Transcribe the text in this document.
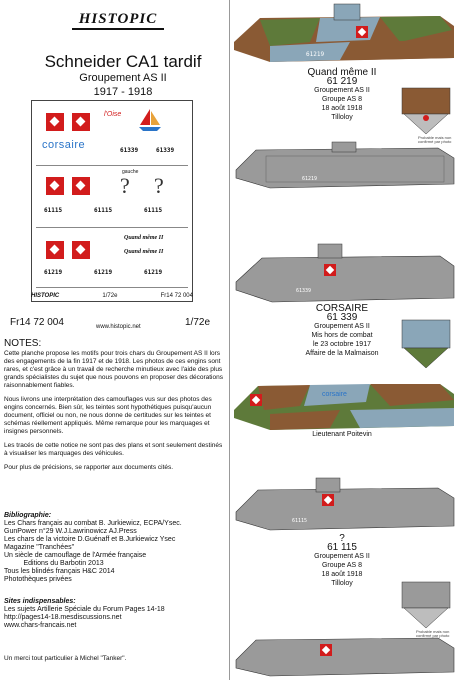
HISTOPIC
Schneider CA1 tardif
Groupement AS II
1917 - 1918
l'Oise
corsaire	61339	61339
gauche
? ?
61115	61115	61115
Quand même II
Quand même II
61219	61219	61219
HISTOPIC	1/72e	Fr14 72 004
Fr14 72 004	1/72e
www.histopic.net
NOTES:

Cette planche propose les motifs pour trois chars du Groupement AS II lors des engagements de la fin 1917 et de 1918. Les photos de ces engins sont rares, et c'est grâce à un travail de recherche minutieux avec l'aide des plus grands spécialistes du sujet que nous pouvons en proposer des décorations raisonnablement fiables.

Nous livrons une interprétation des camouflages vus sur des photos des engins concernés. Bien sûr, les teintes sont hypothétiques puisqu'aucun document, officiel ou non, ne nous donne de certitudes sur les teintes et schémas réellement appliqués. Même remarque pour les marquages et insignes personnels.

Les tracés de cette notice ne sont pas des plans et sont seulement destinés à visualiser les marquages des véhicules.

Pour plus de précisions, se rapporter aux documents cités.

Bibliographie:
Les Chars français au combat B. Jurkiewicz, ECPA/Ysec.
GunPower n°29 W.J.Lawrinowicz AJ.Press
Les chars de la victoire D.Guénaff et B.Jurkiewicz Ysec
Magazine "Tranchées"
Un siècle de camouflage de l'Armée française
Editions du Barbotin 2013
Tous les blindés français H&C 2014
Photothèques privées
Sites indispensables:
Les sujets Artillerie Spéciale du Forum Pages 14-18
http://pages14-18.mesdiscussions.net
www.chars-francais.net
Un merci tout particulier à Michel "Tanker".
61219
Quand même II
61 219
Groupement AS II
Groupe AS 8
18 août 1918
Tilloloy
Probable mais non confirmé par photo
61219
61339
CORSAIRE
61 339
Groupement AS II
Mis hors de combat
le 23 octobre 1917
Affaire de la Malmaison
corsaire
Lieutenant Poitevin
61115
?
61 115
Groupement AS II
Groupe AS 8
18 août 1918
Tilloloy
Probable mais non confirmé par photo
